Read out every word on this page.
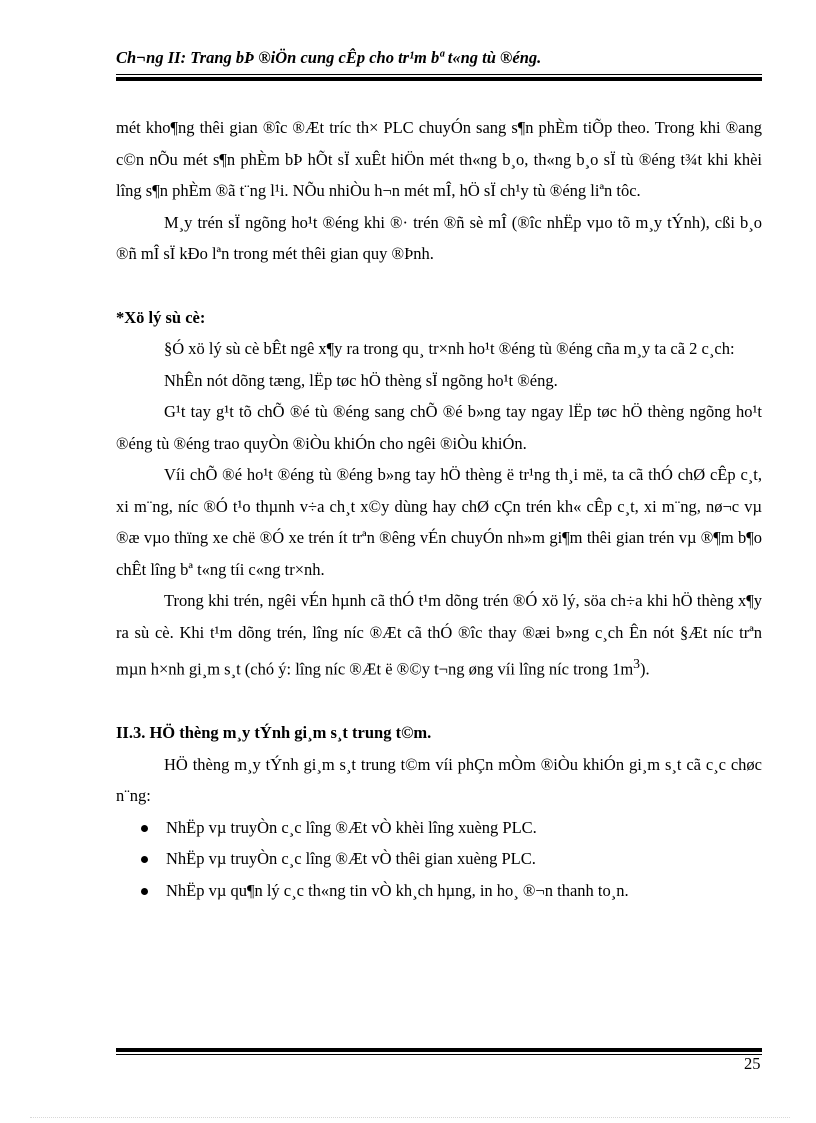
Ch¬ng II: Trang bÞ ®iÖn cung cÊp cho tr¹m bª t«ng tù ®éng.

mét kho¶ng thêi gian ®îc ®Æt tríc th× PLC chuyÓn sang s¶n phÈm tiÕp theo. Trong khi ®ang c©n nÕu mét s¶n phÈm bÞ hÕt sÏ xuÊt hiÖn mét th«ng b¸o, th«ng b¸o sÏ tù ®éng t¾t khi khèi lîng s¶n phÈm ®ã t¨ng l¹i. NÕu nhiÒu h¬n mét mÎ, hÖ sÏ ch¹y tù ®éng liªn tôc.

M¸y trén sÏ ngõng ho¹t ®éng khi ®· trén ®ñ sè mÎ (®îc nhËp vµo tõ m¸y tÝnh), cßi b¸o ®ñ mÎ sÏ kÐo lªn trong mét thêi gian quy ®Þnh.

*Xö lý sù cè:

§Ó xö lý sù cè bÊt ngê x¶y ra trong qu¸ tr×nh ho¹t ®éng tù ®éng cña m¸y ta cã 2 c¸ch:

NhÊn nót dõng tæng, lËp tøc hÖ thèng sÏ ngõng ho¹t ®éng.

G¹t tay g¹t tõ chÕ ®é tù ®éng sang chÕ ®é b»ng tay ngay lËp tøc hÖ thèng ngõng ho¹t ®éng tù ®éng trao quyÒn ®iÒu khiÓn cho ngêi ®iÒu khiÓn.

Víi chÕ ®é ho¹t ®éng tù ®éng b»ng tay hÖ thèng ë tr¹ng th¸i më, ta cã thÓ chØ cÊp c¸t, xi m¨ng, níc ®Ó t¹o thµnh v÷a ch¸t x©y dùng hay chØ cÇn trén kh« cÊp c¸t, xi m¨ng, nø¬c vµ ®æ vµo thïng xe chë ®Ó xe trén ít trªn ®êng vÉn chuyÓn nh»m gi¶m thêi gian trén vµ ®¶m b¶o chÊt lîng bª t«ng tíi c«ng tr×nh.

Trong khi trén, ngêi vÉn hµnh cã thÓ t¹m dõng trén ®Ó xö lý, söa ch÷a khi hÖ thèng x¶y ra sù cè. Khi t¹m dõng trén, lîng níc ®Æt cã thÓ ®îc thay ®æi b»ng c¸ch Ên nót §Æt níc trªn mµn h×nh gi¸m s¸t (chó ý: lîng níc ®Æt ë ®©y t¬ng øng víi lîng níc trong $1m^3$).

II.3. HÖ thèng m¸y tÝnh gi¸m s¸t trung t©m.

HÖ thèng m¸y tÝnh gi¸m s¸t trung t©m víi phÇn mÒm ®iÒu khiÓn gi¸m s¸t cã c¸c chøc n¨ng:

NhËp vµ truyÒn c¸c lîng ®Æt vÒ khèi lîng xuèng PLC.
NhËp vµ truyÒn c¸c lîng ®Æt vÒ thêi gian xuèng PLC.
NhËp vµ qu¶n lý c¸c th«ng tin vÒ kh¸ch hµng, in ho¸ ®¬n thanh to¸n.
25
